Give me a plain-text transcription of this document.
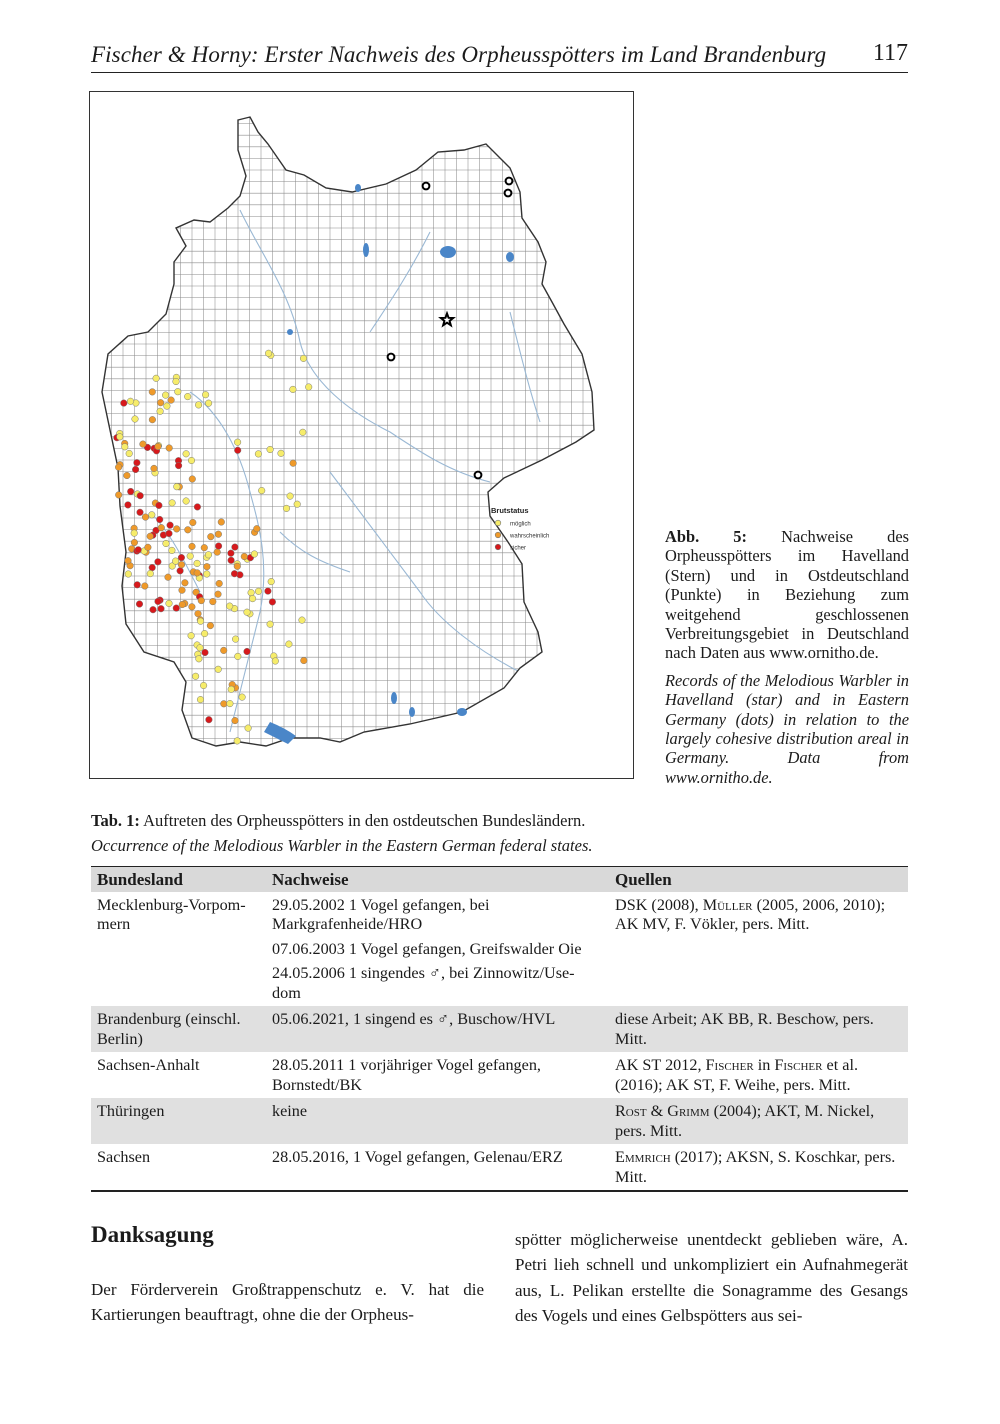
Fischer & Horny: Erster Nachweis des Orpheusspötters im Land Brandenburg 117
Brutstatus
möglich
wahrscheinlich
sicher

Abb. 5: Nachweise des Orpheusspötters im Havelland (Stern) und in Ostdeutschland (Punkte) in Beziehung zum weitgehend geschlossenen Verbreitungsgebiet in Deutschland nach Daten aus www.ornitho.de.

Records of the Melodious Warbler in Havelland (star) and in Eastern Germany (dots) in relation to the largely cohesive distribution areal in Germany. Data from www.ornitho.de.

Tab. 1: Auftreten des Orpheusspötters in den ostdeutschen Bundesländern.
Occurrence of the Melodious Warbler in the Eastern German federal states.
Bundesland	Nachweise	Quellen
Mecklenburg-Vorpom-
mern	29.05.2002 1 Vogel gefangen, bei
Markgrafenheide/HRO
07.06.2003 1 Vogel gefangen, Greifswalder Oie
24.05.2006 1 singendes ♂, bei Zinnowitz/Use-
dom	DSK (2008), Müller (2005, 2006, 2010);
AK MV, F. Vökler, pers. Mitt.
Brandenburg (einschl.
Berlin)	05.06.2021, 1 singend es ♂, Buschow/HVL	diese Arbeit; AK BB, R. Beschow, pers.
Mitt.
Sachsen-Anhalt	28.05.2011 1 vorjähriger Vogel gefangen,
Bornstedt/BK	AK ST 2012, Fischer in Fischer et al.
(2016); AK ST, F. Weihe, pers. Mitt.
Thüringen	keine	Rost & Grimm (2004); AKT, M. Nickel,
pers. Mitt.
Sachsen	28.05.2016, 1 Vogel gefangen, Gelenau/ERZ	Emmrich (2017); AKSN, S. Koschkar, pers.
Mitt.
Danksagung
Der Förderverein Großtrappenschutz e. V. hat die Kartierungen beauftragt, ohne die der Orpheus-
spötter möglicherweise unentdeckt geblieben wäre, A. Petri lieh schnell und unkompliziert ein Aufnahmegerät aus, L. Pelikan erstellte die Sonagramme des Gesangs des Vogels und eines Gelbspötters aus sei-
